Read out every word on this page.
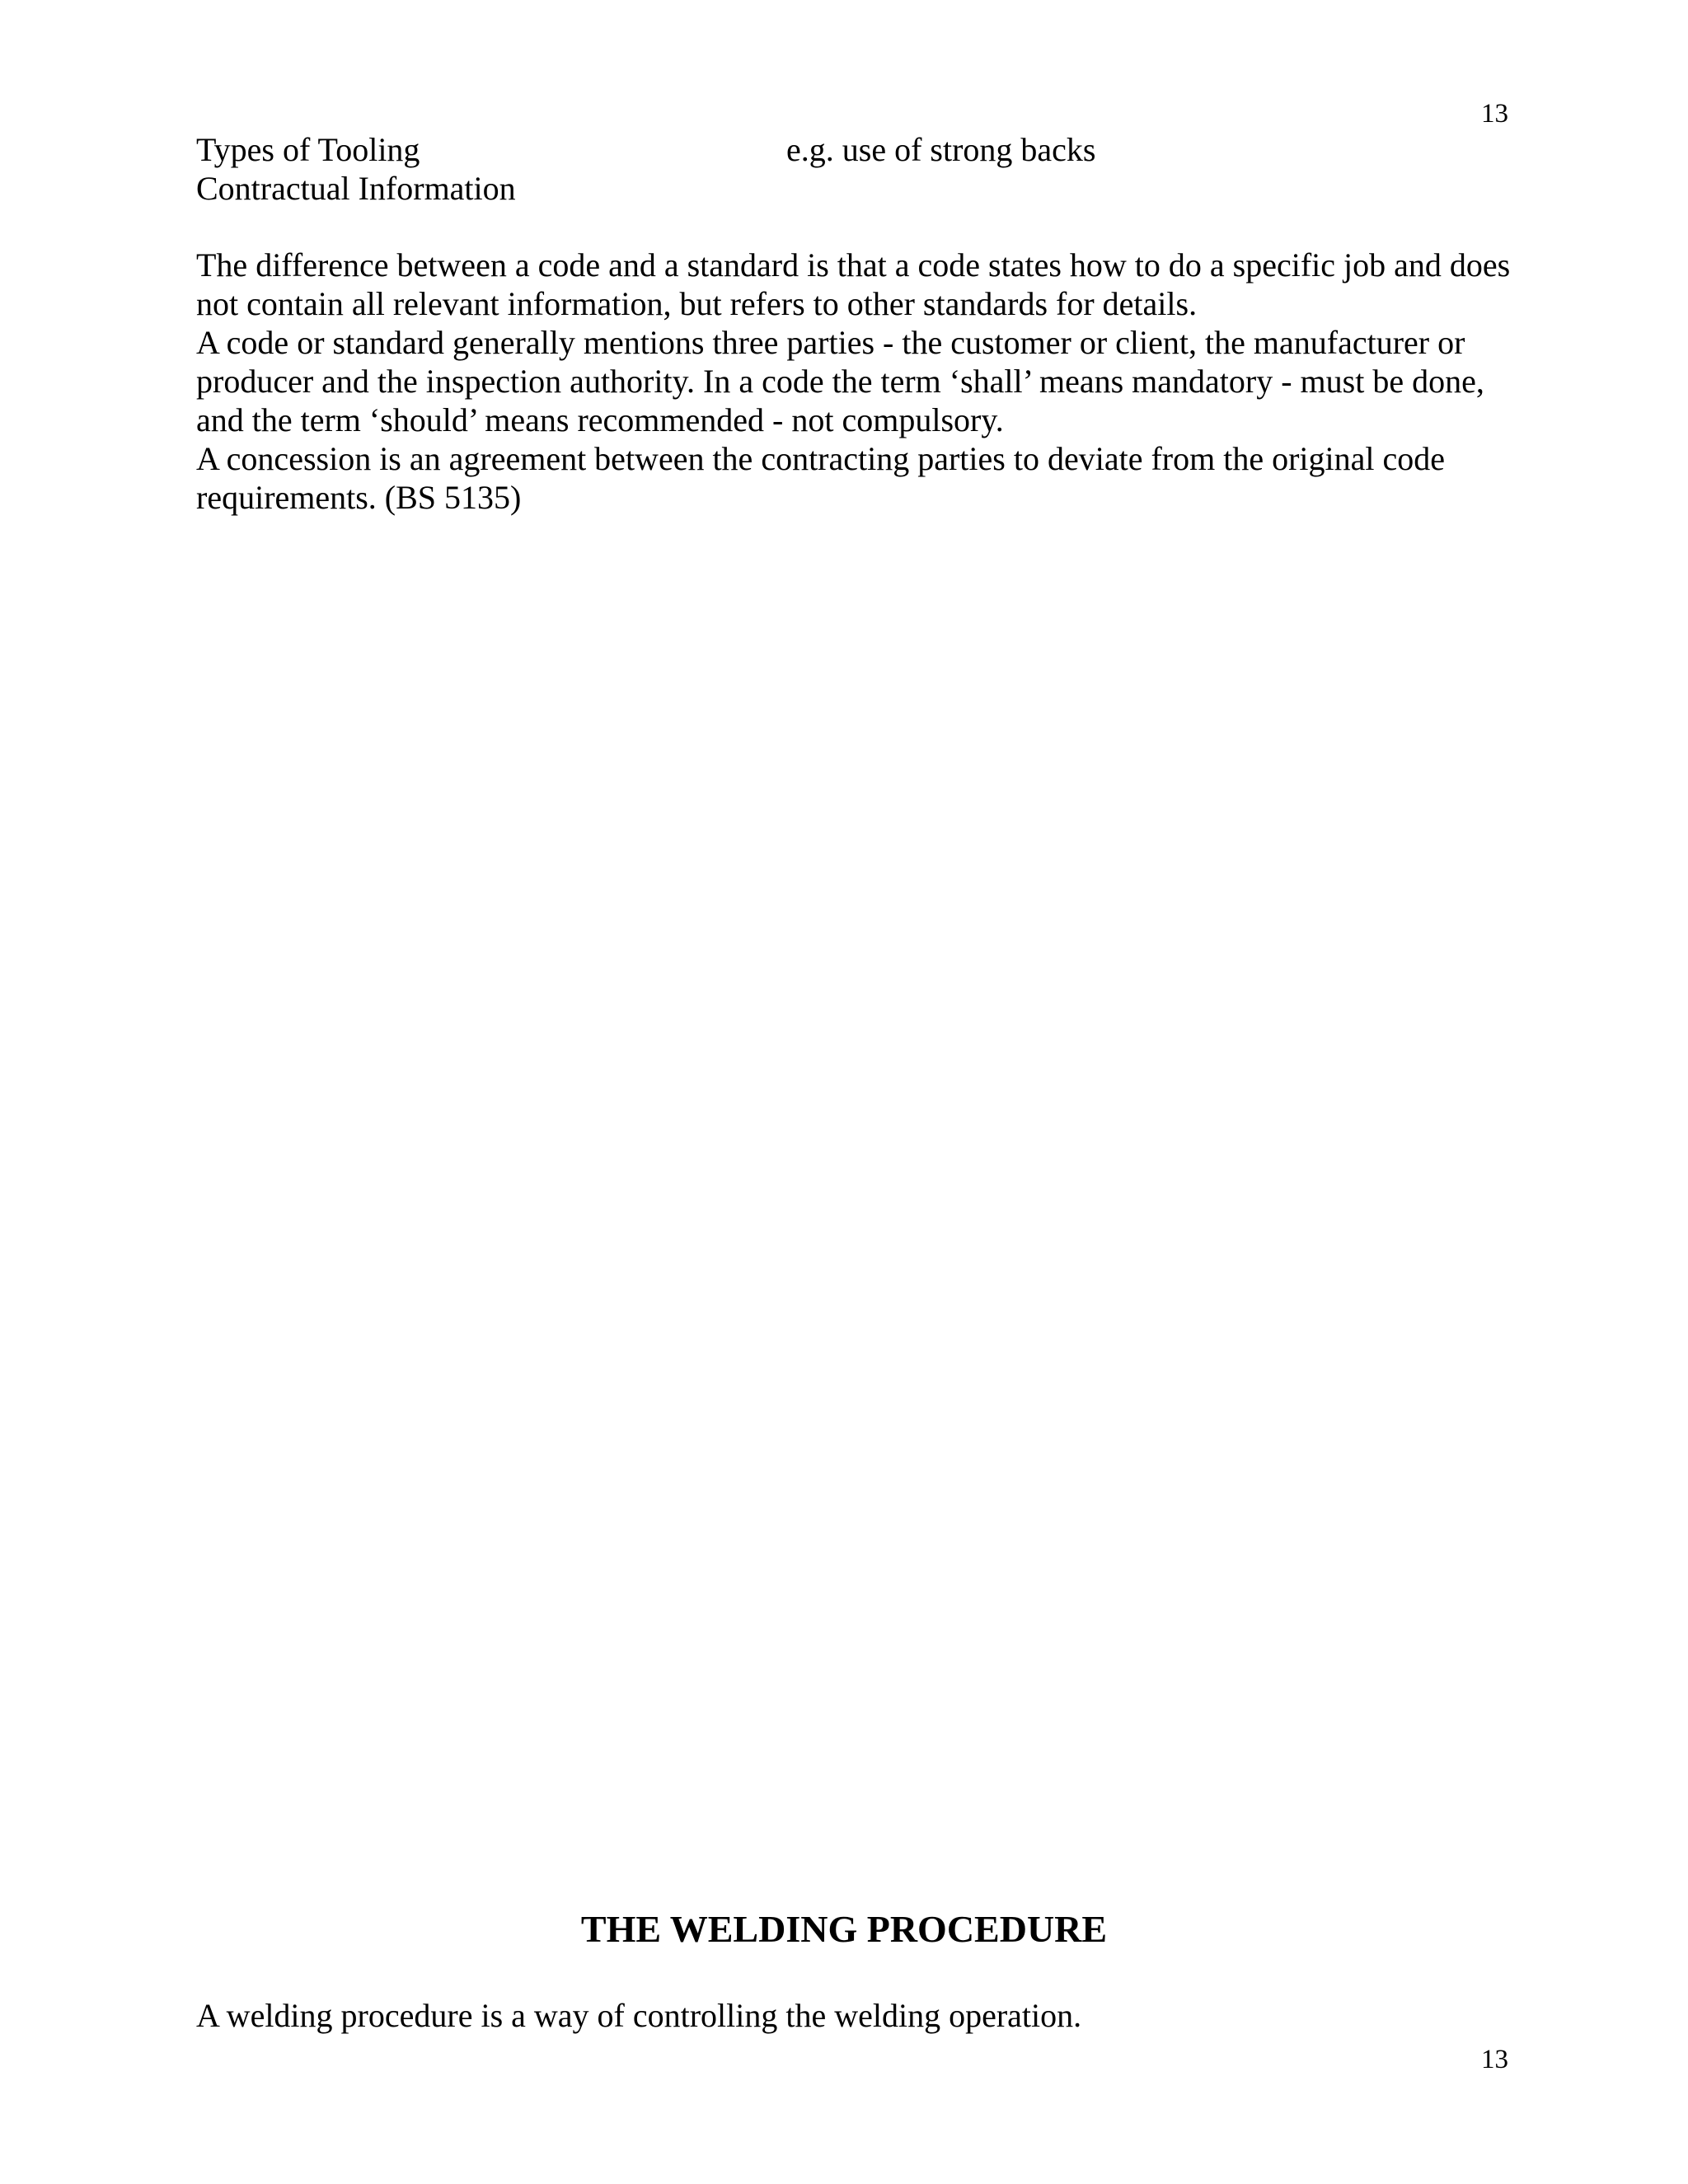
13
Types of Tooling	e.g. use of strong backs
Contractual Information

The difference between a code and a standard is that a code states how to do a specific job and does not contain all relevant information, but refers to other standards for details.

A code or standard generally mentions three parties - the customer or client, the manufacturer or producer and the inspection authority. In a code the term ‘shall’ means mandatory - must be done, and the term ‘should’ means recommended - not compulsory.

A concession is an agreement between the contracting parties to deviate from the original code requirements. (BS 5135)

THE WELDING PROCEDURE

A welding procedure is a way of controlling the welding operation.

13
